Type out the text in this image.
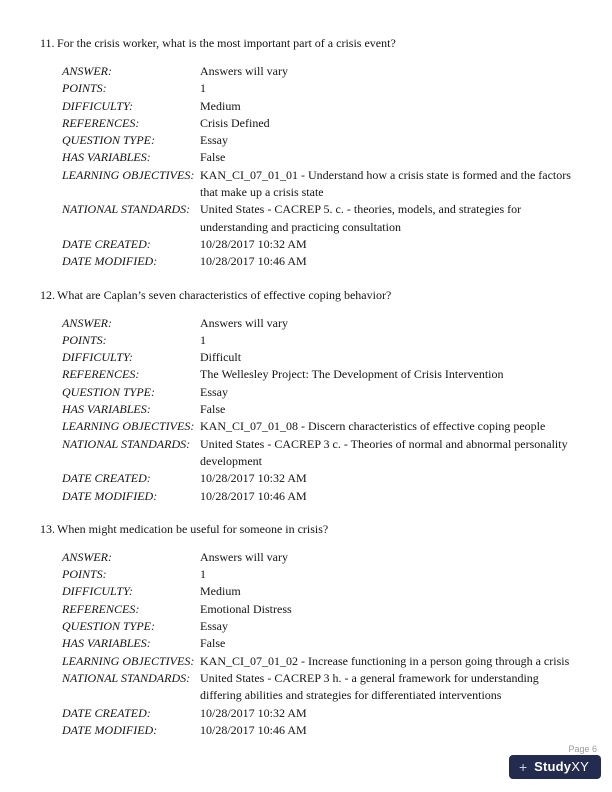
11. For the crisis worker, what is the most important part of a crisis event?
ANSWER:	Answers will vary
POINTS:	1
DIFFICULTY:	Medium
REFERENCES:	Crisis Defined
QUESTION TYPE:	Essay
HAS VARIABLES:	False
LEARNING OBJECTIVES: KAN_CI_07_01_01 - Understand how a crisis state is formed and the factors that make up a crisis state
NATIONAL STANDARDS: United States - CACREP 5. c. - theories, models, and strategies for understanding and practicing consultation
DATE CREATED:	10/28/2017 10:32 AM
DATE MODIFIED:	10/28/2017 10:46 AM
12. What are Caplan’s seven characteristics of effective coping behavior?
ANSWER:	Answers will vary
POINTS:	1
DIFFICULTY:	Difficult
REFERENCES:	The Wellesley Project: The Development of Crisis Intervention
QUESTION TYPE:	Essay
HAS VARIABLES:	False
LEARNING OBJECTIVES: KAN_CI_07_01_08 - Discern characteristics of effective coping people
NATIONAL STANDARDS: United States - CACREP 3 c. - Theories of normal and abnormal personality development
DATE CREATED:	10/28/2017 10:32 AM
DATE MODIFIED:	10/28/2017 10:46 AM
13. When might medication be useful for someone in crisis?
ANSWER:	Answers will vary
POINTS:	1
DIFFICULTY:	Medium
REFERENCES:	Emotional Distress
QUESTION TYPE:	Essay
HAS VARIABLES:	False
LEARNING OBJECTIVES: KAN_CI_07_01_02 - Increase functioning in a person going through a crisis
NATIONAL STANDARDS: United States - CACREP 3 h. - a general framework for understanding differing abilities and strategies for differentiated interventions
DATE CREATED:	10/28/2017 10:32 AM
DATE MODIFIED:	10/28/2017 10:46 AM
Page 6
+ StudyXY
